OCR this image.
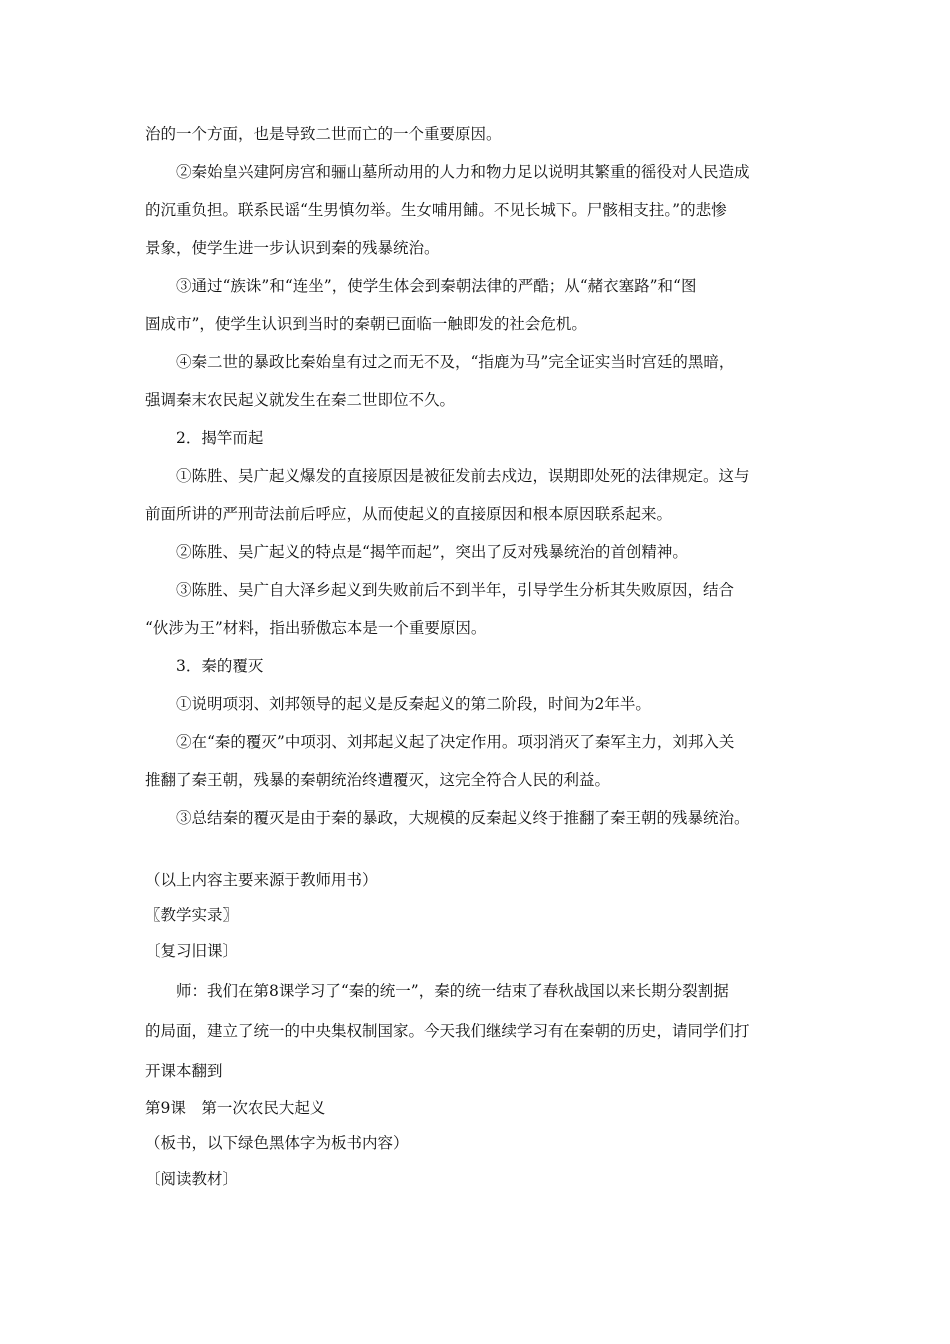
治的一个方面，也是导致二世而亡的一个重要原因。

②秦始皇兴建阿房宫和骊山墓所动用的人力和物力足以说明其繁重的徭役对人民造成

的沉重负担。联系民谣“生男慎勿举。生女哺用餔。不见长城下。尸骸相支拄。”的悲惨

景象，使学生进一步认识到秦的残暴统治。

③通过“族诛”和“连坐”，使学生体会到秦朝法律的严酷；从“赭衣塞路”和“图

圄成市”，使学生认识到当时的秦朝已面临一触即发的社会危机。

④秦二世的暴政比秦始皇有过之而无不及，“指鹿为马”完全证实当时宫廷的黑暗，

强调秦末农民起义就发生在秦二世即位不久。

2．揭竿而起

①陈胜、吴广起义爆发的直接原因是被征发前去戍边，误期即处死的法律规定。这与

前面所讲的严刑苛法前后呼应，从而使起义的直接原因和根本原因联系起来。

②陈胜、吴广起义的特点是“揭竿而起”，突出了反对残暴统治的首创精神。

③陈胜、吴广自大泽乡起义到失败前后不到半年，引导学生分析其失败原因，结合

“伙涉为王”材料，指出骄傲忘本是一个重要原因。

3．秦的覆灭

①说明项羽、刘邦领导的起义是反秦起义的第二阶段，时间为2年半。

②在“秦的覆灭”中项羽、刘邦起义起了决定作用。项羽消灭了秦军主力，刘邦入关

推翻了秦王朝，残暴的秦朝统治终遭覆灭，这完全符合人民的利益。

③总结秦的覆灭是由于秦的暴政，大规模的反秦起义终于推翻了秦王朝的残暴统治。

（以上内容主要来源于教师用书）

〖教学实录〗

〔复习旧课〕

师：我们在第8课学习了“秦的统一”，秦的统一结束了春秋战国以来长期分裂割据

的局面，建立了统一的中央集权制国家。今天我们继续学习有在秦朝的历史，请同学们打

开课本翻到

第9课　第一次农民大起义

（板书，以下绿色黑体字为板书内容）

〔阅读教材〕
